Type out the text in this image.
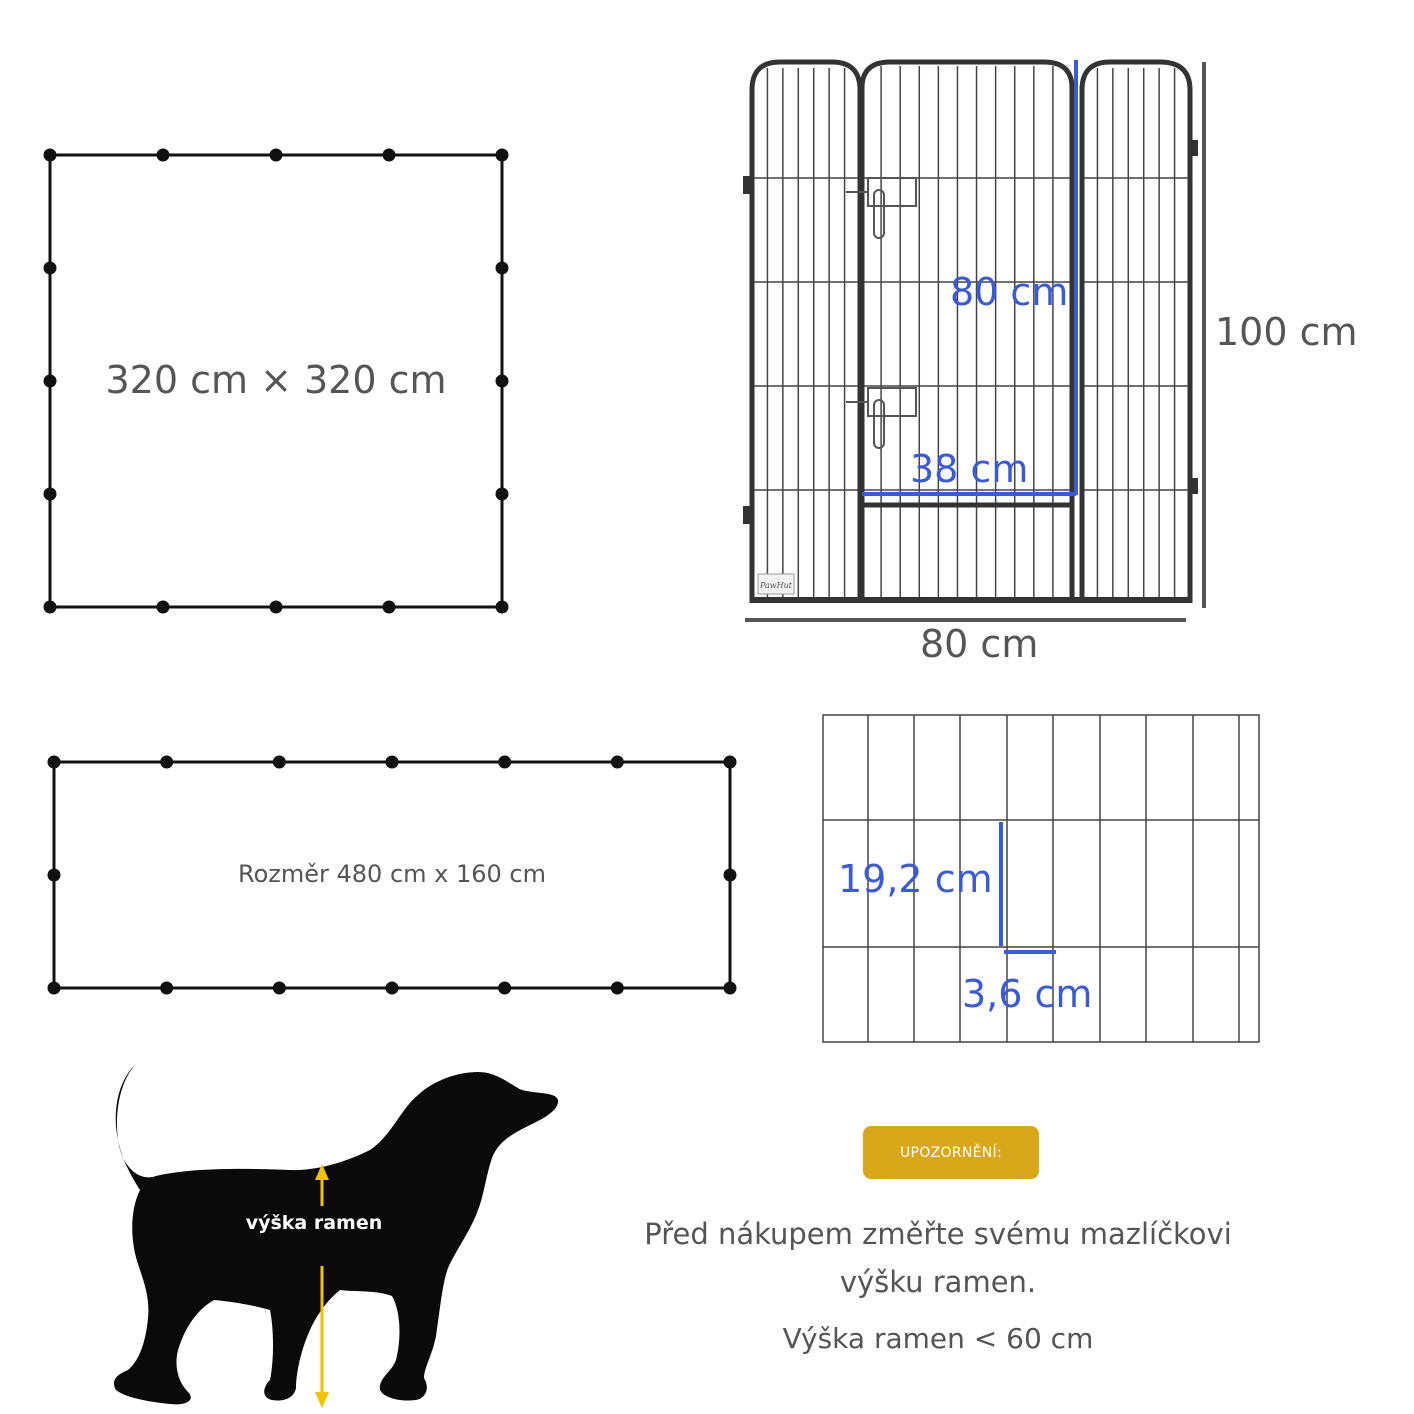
320 cm × 320 cm
Rozměr 480 cm x 160 cm
PawHut
80 cm
38 cm
100 cm
80 cm
19,2 cm
3,6 cm
výška ramen
UPOZORNĚNÍ:
Před nákupem změřte svému mazlíčkovi výšku ramen.
Výška ramen < 60 cm
